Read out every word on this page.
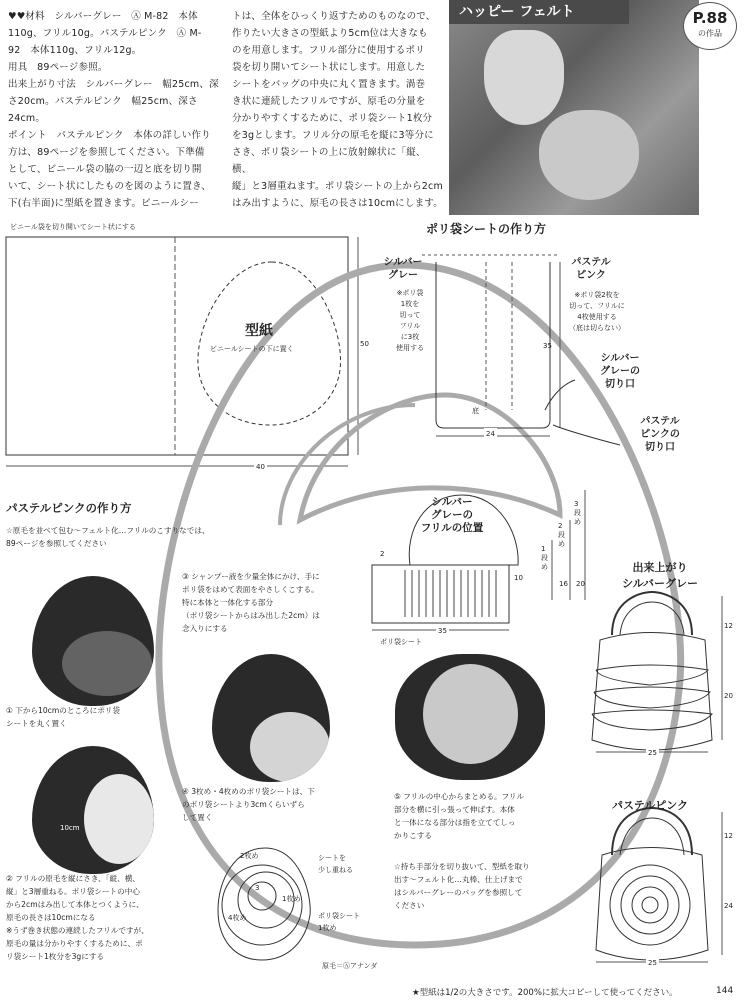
ハッピー フェルト	P.88
の作品
♥♥材料　シルバーグレー　Ⓐ M-82　本体
110g、フリル10g。パステルピンク　Ⓐ M-
92　本体110g、フリル12g。
用具　89ページ参照。
出来上がり寸法　シルバーグレー　幅25cm、深
さ20cm。パステルピンク　幅25cm、深さ24cm。
ポイント　パステルピンク　本体の詳しい作り
方は、89ページを参照してください。下準備
として、ビニール袋の脇の一辺と底を切り開
いて、シート状にしたものを図のように置き、
下(右半面)に型紙を置きます。ビニールシー
トは、全体をひっくり返すためのものなので、
作りたい大きさの型紙より5cm位は大きなも
のを用意します。フリル部分に使用するポリ
袋を切り開いてシート状にします。用意した
シートをバッグの中央に丸く置きます。渦巻
き状に連続したフリルですが、原毛の分量を
分かりやすくするために、ポリ袋シート1枚分
を3gとします。フリル分の原毛を縦に3等分に
さき、ポリ袋シートの上に放射線状に「縦、横、
縦」と3層重ねます。ポリ袋シートの上から2cm
はみ出すように、原毛の長さは10cmにします。
ビニール袋を切り開いてシート状にする
型紙
ビニールシートの下に置く
40
50
ポリ袋シートの作り方
シルバー
グレー
※ポリ袋
1枚を
切って
フリル
に3枚
使用する
パステル
ピンク
※ポリ袋2枚を
切って、フリルに
4枚使用する
（底は切らない）
底
35
24
シルバー
グレーの
切り口
パステル
ピンクの
切り口
シルバー
グレーの
フリルの位置
ポリ袋シート
2
10
35
16 20
3
段
め
2
段
め
1
段
め
パステルピンクの作り方
☆原毛を並べて包む～フェルト化…フリルのこすりなでは、
89ページを参照してください
① 下から10cmのところにポリ袋
シートを丸く置く
10cm
② フリルの原毛を縦にさき、「縦、横、
縦」と3層重ねる。ポリ袋シートの中心
から2cmはみ出して本体とつくように、
原毛の長さは10cmになる
※うず巻き状態の連続したフリルですが、
原毛の量は分かりやすくするために、ポ
リ袋シート1枚分を3gにする
③ シャンプー液を少量全体にかけ、手に
ポリ袋をはめて表面をやさしくこする。
特に本体と一体化する部分
（ポリ袋シートからはみ出した2cm）は
念入りにする
④ 3枚め・4枚めのポリ袋シートは、下
のポリ袋シートより3cmくらいずら
して置く
⑤ フリルの中心からまとめる。フリル
部分を横に引っ張って伸ばす。本体
と一体になる部分は指を立ててしっ
かりこする
☆持ち手部分を切り抜いて、型紙を取り
出す～フェルト化…丸棒、仕上げまで
はシルバーグレーのバッグを参照して
ください
2枚め
3
4枚め
1枚め
シートを
少し重ねる
ポリ袋シート
1枚め
原毛＝Ⓐアナンダ
出来上がり
シルバーグレー
12
20
25
パステルピンク
12
24
25
★型紙は1/2の大きさです。200%に拡大コピーして使ってください。	144
